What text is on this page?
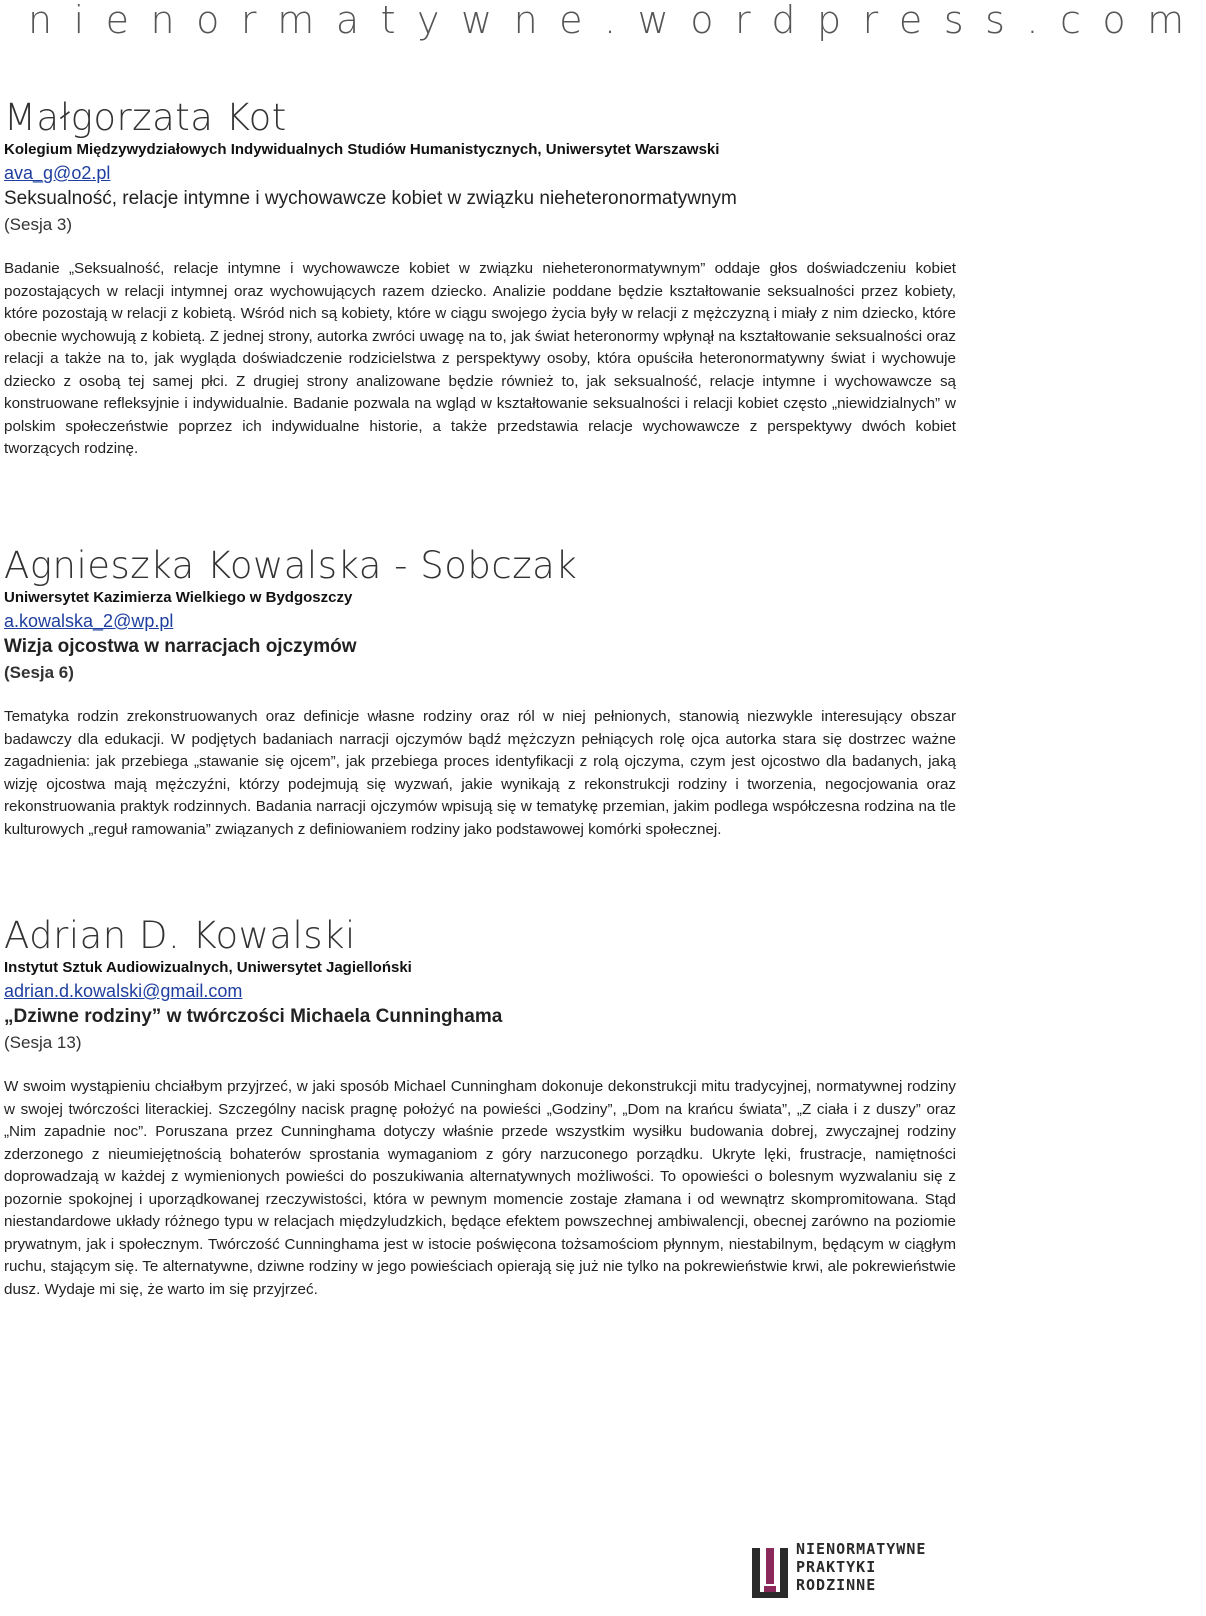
nienormatywne.wordpress.com
Małgorzata Kot

Kolegium Międzywydziałowych Indywidualnych Studiów Humanistycznych, Uniwersytet Warszawski

ava_g@o2.pl

Seksualność, relacje intymne i wychowawcze kobiet w związku nieheteronormatywnym

(Sesja 3)

Badanie „Seksualność, relacje intymne i wychowawcze kobiet w związku nieheteronormatywnym” oddaje głos doświadczeniu kobiet pozostających w relacji intymnej oraz wychowujących razem dziecko. Analizie poddane będzie kształtowanie seksualności przez kobiety, które pozostają w relacji z kobietą. Wśród nich są kobiety, które w ciągu swojego życia były w relacji z mężczyzną i miały z nim dziecko, które obecnie wychowują z kobietą. Z jednej strony, autorka zwróci uwagę na to, jak świat heteronormy wpłynął na kształtowanie seksualności oraz relacji a także na to, jak wygląda doświadczenie rodzicielstwa z perspektywy osoby, która opuściła heteronormatywny świat i wychowuje dziecko z osobą tej samej płci. Z drugiej strony analizowane będzie również to, jak seksualność, relacje intymne i wychowawcze są konstruowane refleksyjnie i indywidualnie. Badanie pozwala na wgląd w kształtowanie seksualności i relacji kobiet często „niewidzialnych” w polskim społeczeństwie poprzez ich indywidualne historie, a także przedstawia relacje wychowawcze z perspektywy dwóch kobiet tworzących rodzinę.

Agnieszka Kowalska - Sobczak

Uniwersytet Kazimierza Wielkiego w Bydgoszczy

a.kowalska_2@wp.pl

Wizja ojcostwa w narracjach ojczymów

(Sesja 6)

Tematyka rodzin zrekonstruowanych oraz definicje własne rodziny oraz ról w niej pełnionych, stanowią niezwykle interesujący obszar badawczy dla edukacji. W podjętych badaniach narracji ojczymów bądź mężczyzn pełniących rolę ojca autorka stara się dostrzec ważne zagadnienia: jak przebiega „stawanie się ojcem”, jak przebiega proces identyfikacji z rolą ojczyma, czym jest ojcostwo dla badanych, jaką wizję ojcostwa mają mężczyźni, którzy podejmują się wyzwań, jakie wynikają z rekonstrukcji rodziny i tworzenia, negocjowania oraz rekonstruowania praktyk rodzinnych. Badania narracji ojczymów wpisują się w tematykę przemian, jakim podlega współczesna rodzina na tle kulturowych „reguł ramowania” związanych z definiowaniem rodziny jako podstawowej komórki społecznej.

Adrian D. Kowalski

Instytut Sztuk Audiowizualnych, Uniwersytet Jagielloński

adrian.d.kowalski@gmail.com

„Dziwne rodziny” w twórczości Michaela Cunninghama

(Sesja 13)

W swoim wystąpieniu chciałbym przyjrzeć, w jaki sposób Michael Cunningham dokonuje dekonstrukcji mitu tradycyjnej, normatywnej rodziny w swojej twórczości literackiej. Szczególny nacisk pragnę położyć na powieści „Godziny”, „Dom na krańcu świata”, „Z ciała i z duszy” oraz „Nim zapadnie noc”. Poruszana przez Cunninghama dotyczy właśnie przede wszystkim wysiłku budowania dobrej, zwyczajnej rodziny zderzonego z nieumiejętnością bohaterów sprostania wymaganiom z góry narzuconego porządku. Ukryte lęki, frustracje, namiętności doprowadzają w każdej z wymienionych powieści do poszukiwania alternatywnych możliwości. To opowieści o bolesnym wyzwalaniu się z pozornie spokojnej i uporządkowanej rzeczywistości, która w pewnym momencie zostaje złamana i od wewnątrz skompromitowana. Stąd niestandardowe układy różnego typu w relacjach międzyludzkich, będące efektem powszechnej ambiwalencji, obecnej zarówno na poziomie prywatnym, jak i społecznym. Twórczość Cunninghama jest w istocie poświęcona tożsamościom płynnym, niestabilnym, będącym w ciągłym ruchu, stającym się. Te alternatywne, dziwne rodziny w jego powieściach opierają się już nie tylko na pokrewieństwie krwi, ale pokrewieństwie dusz. Wydaje mi się, że warto im się przyjrzeć.

NIENORMATYWNE
PRAKTYKI
RODZINNE
